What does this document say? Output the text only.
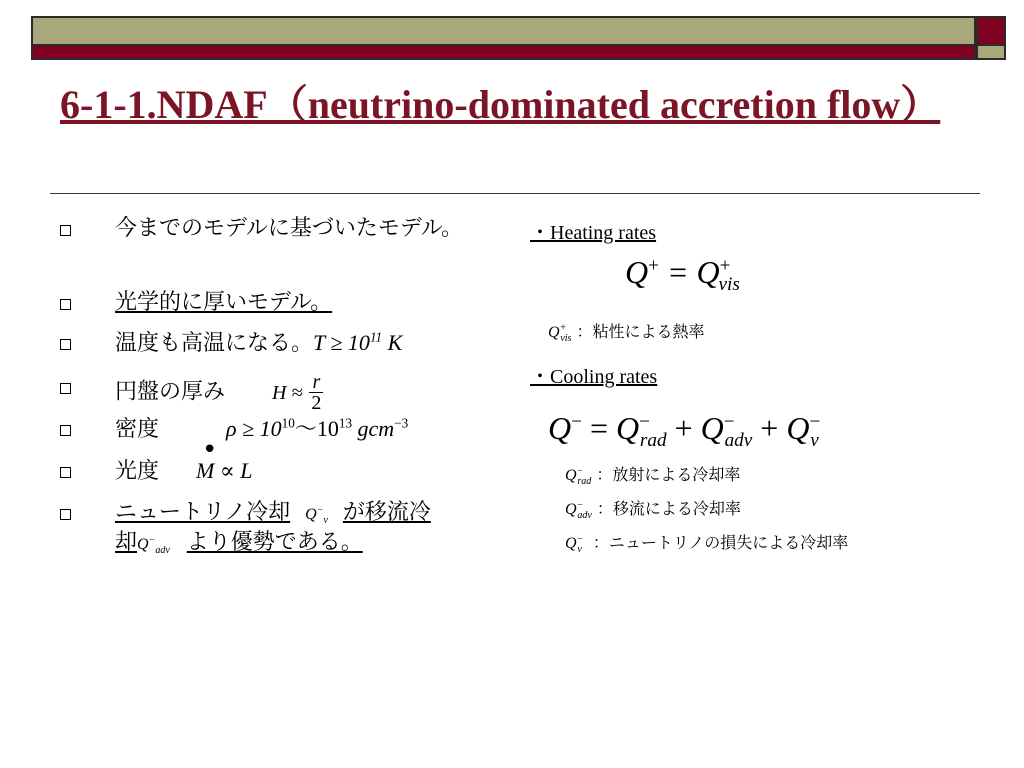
6-1-1.NDAF（neutrino-dominated accretion flow）
今までのモデルに基づいたモデル。
光学的に厚いモデル。
温度も高温になる。$T \ge 10^{11}$ K
円盤の厚み $H \approx \frac{r}{2}$
密度	$\rho \ge 10^{10}\sim 10^{13}$ gcm$^{-3}$
光度
•
M ∝ L
ニュートリノ冷却 $Q^-_\nu$ が移流冷
却$Q^-_{adv}$ より優勢である。
・Heating rates
$Q^+ = Q^+_{vis}$
$Q^+_{vis}$ ：粘性による熱率
・Cooling rates
$Q^- = Q^-_{rad} + Q^-_{adv} + Q^-_\nu$
$Q^-_{rad}$ ：放射による冷却率
$Q^-_{adv}$ ：移流による冷却率
$Q^-_\nu$ ：ニュートリノの損失による冷却率
